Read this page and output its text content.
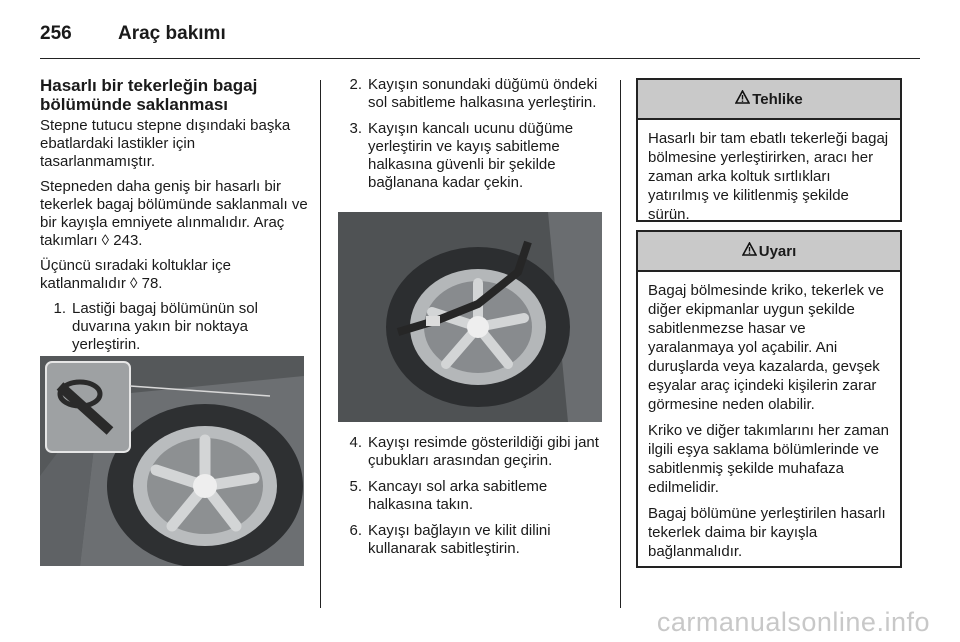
256	Araç bakımı
Hasarlı bir tekerleğin bagaj bölümünde saklanması

Stepne tutucu stepne dışındaki başka ebatlardaki lastikler için tasarlanmamıştır.

Stepneden daha geniş bir hasarlı bir tekerlek bagaj bölümünde saklanmalı ve bir kayışla emniyete alınmalıdır. Araç takımları ◊ 243.

Üçüncü sıradaki koltuklar içe katlanmalıdır ◊ 78.

1. Lastiği bagaj bölümünün sol duvarına yakın bir noktaya yerleştirin.
2. Kayışın sonundaki düğümü öndeki sol sabitleme halkasına yerleştirin.
3. Kayışın kancalı ucunu düğüme yerleştirin ve kayış sabitleme halkasına güvenli bir şekilde bağlanana kadar çekin.
4. Kayışı resimde gösterildiği gibi jant çubukları arasından geçirin.
5. Kancayı sol arka sabitleme halkasına takın.
6. Kayışı bağlayın ve kilit dilini kullanarak sabitleştirin.
Tehlike

Hasarlı bir tam ebatlı tekerleği bagaj bölmesine yerleştirirken, aracı her zaman arka koltuk sırtlıkları yatırılmış ve kilitlenmiş şekilde sürün.

Uyarı

Bagaj bölmesinde kriko, tekerlek ve diğer ekipmanlar uygun şekilde sabitlenmezse hasar ve yaralanmaya yol açabilir. Ani duruşlarda veya kazalarda, gevşek eşyalar araç içindeki kişilerin zarar görmesine neden olabilir.

Kriko ve diğer takımlarını her zaman ilgili eşya saklama bölümlerinde ve sabitlenmiş şekilde muhafaza edilmelidir.

Bagaj bölümüne yerleştirilen hasarlı tekerlek daima bir kayışla bağlanmalıdır.

carmanualsonline.info
